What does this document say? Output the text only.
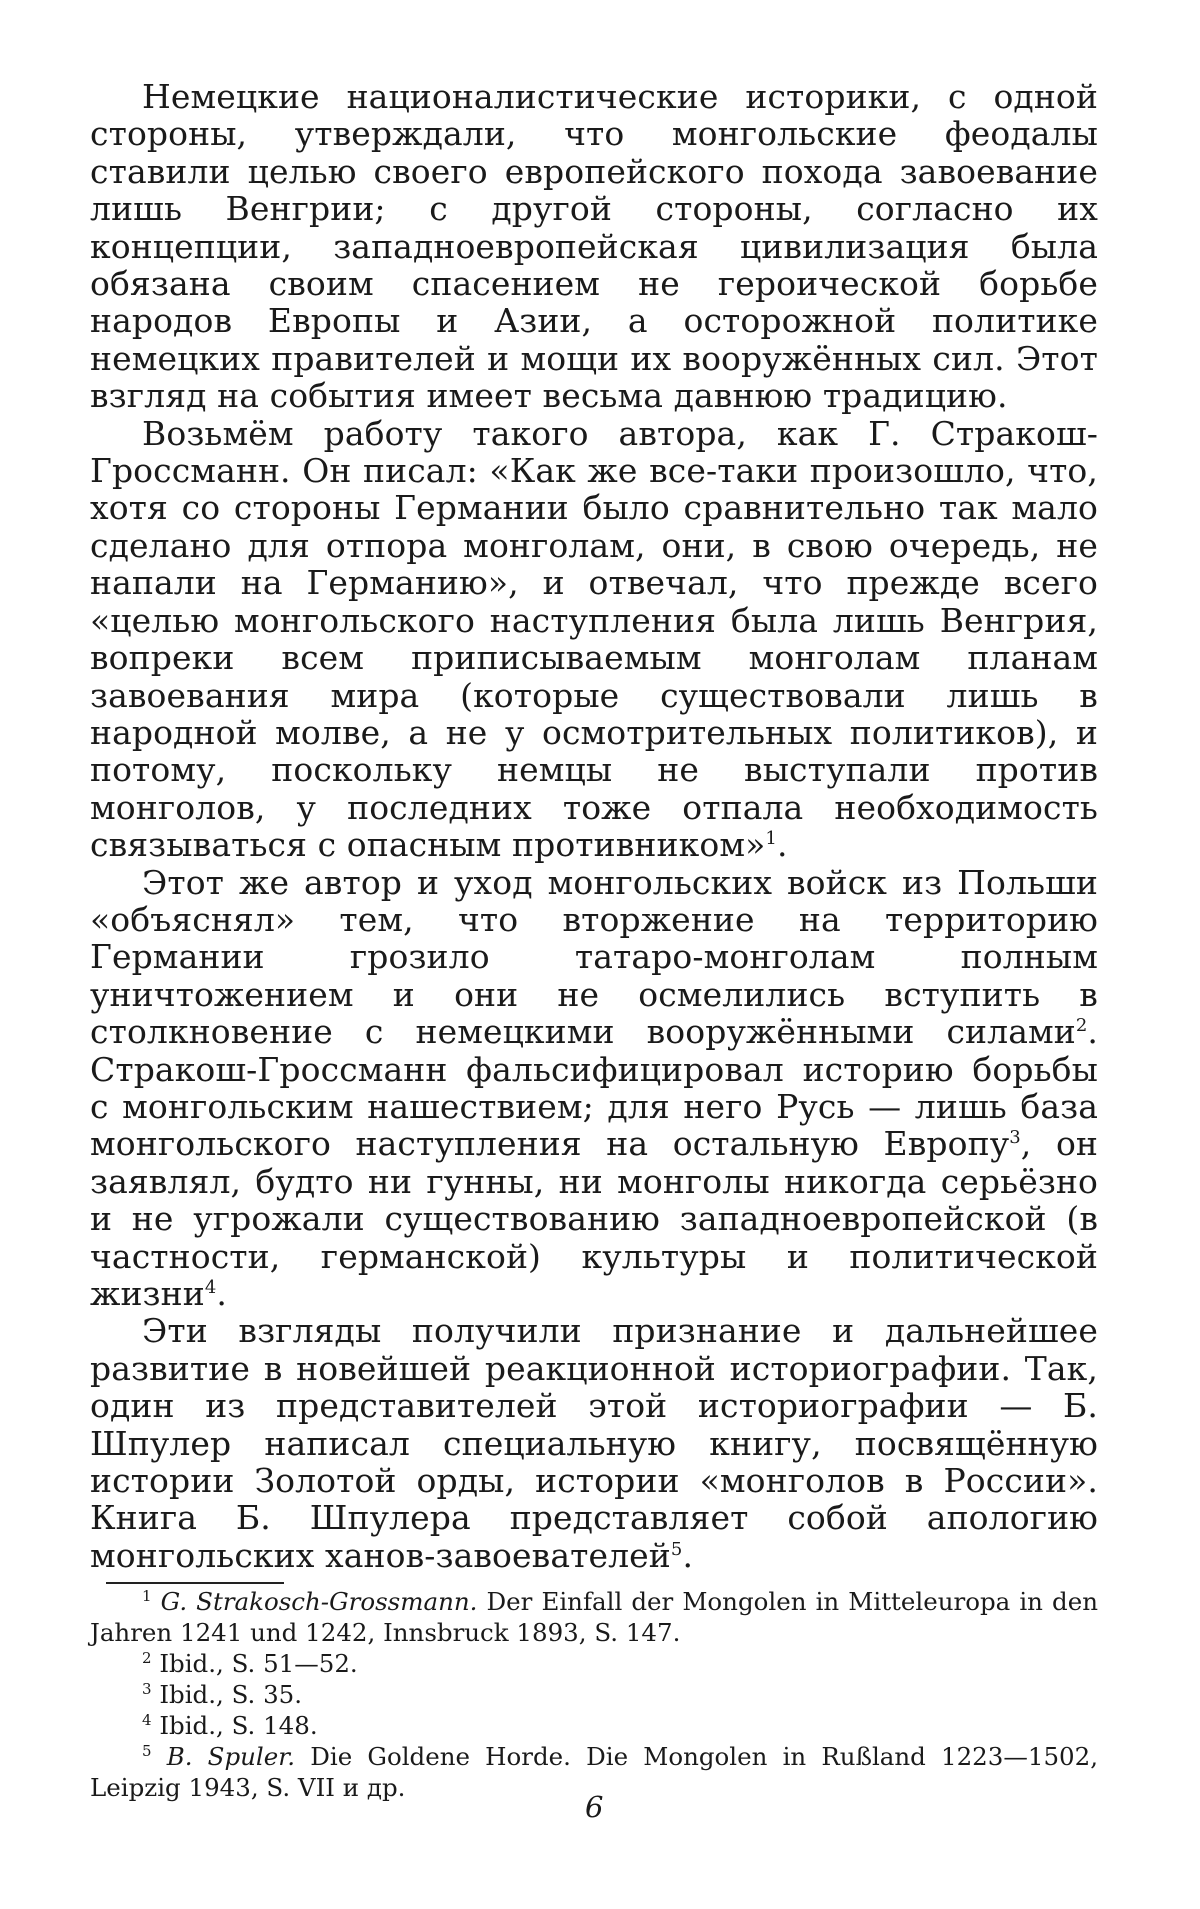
Немецкие националистические историки, с одной стороны, утверждали, что монгольские феодалы ставили целью своего европейского похода завоевание лишь Венгрии; с другой стороны, согласно их концепции, западноевропейская цивилизация была обязана своим спасением не героической борьбе народов Европы и Азии, а осторожной политике немецких правителей и мощи их вооружённых сил. Этот взгляд на события имеет весьма давнюю традицию.

Возьмём работу такого автора, как Г. Стракош-Гроссманн. Он писал: «Как же все-таки произошло, что, хотя со стороны Германии было сравнительно так мало сделано для отпора монголам, они, в свою очередь, не напали на Германию», и отвечал, что прежде всего «целью монгольского наступления была лишь Венгрия, вопреки всем приписываемым монголам планам завоевания мира (которые существовали лишь в народной молве, а не у осмотрительных политиков), и потому, поскольку немцы не выступали против монголов, у последних тоже отпала необходимость связываться с опасным противником»$^1$.

Этот же автор и уход монгольских войск из Польши «объяснял» тем, что вторжение на территорию Германии грозило татаро-монголам полным уничтожением и они не осмелились вступить в столкновение с немецкими вооружёнными силами$^2$. Стракош-Гроссманн фальсифицировал историю борьбы с монгольским нашествием; для него Русь — лишь база монгольского наступления на остальную Европу$^3$, он заявлял, будто ни гунны, ни монголы никогда серьёзно и не угрожали существованию западноевропейской (в частности, германской) культуры и политической жизни$^4$.

Эти взгляды получили признание и дальнейшее развитие в новейшей реакционной историографии. Так, один из представителей этой историографии — Б. Шпулер написал специальную книгу, посвящённую истории Золотой орды, истории «монголов в России». Книга Б. Шпулера представляет собой апологию монгольских ханов-завоевателей$^5$.

$^1$ G. Strakosch-Grossmann. Der Einfall der Mongolen in Mitteleuropa in den Jahren 1241 und 1242, Innsbruck 1893, S. 147.

$^2$ Ibid., S. 51—52.

$^3$ Ibid., S. 35.

$^4$ Ibid., S. 148.

$^5$ B. Spuler. Die Goldene Horde. Die Mongolen in Rußland 1223—1502, Leipzig 1943, S. VII и др.

6
